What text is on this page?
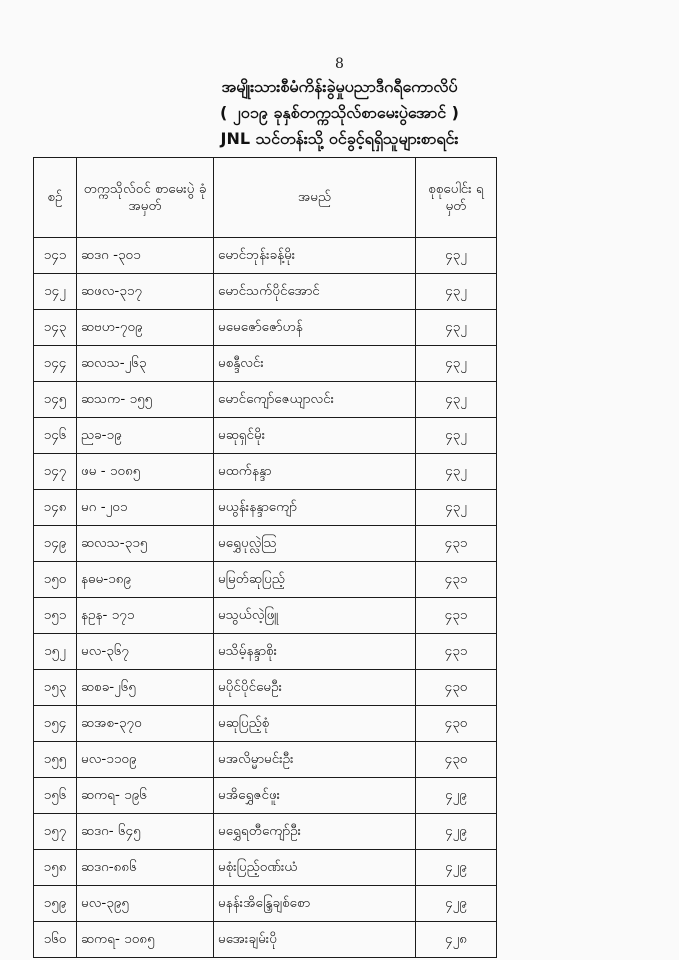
8
အမျိုးသားစီမံကိန်းခွဲမှုပညာဒီဂရီကောလိပ်
( ၂၀၁၉ ခုနှစ်တက္ကသိုလ်စာမေးပွဲအောင် )
JNL သင်တန်းသို့ ဝင်ခွင့်ရရှိသူများစာရင်း
စဉ်	တက္ကသိုလ်ဝင် စာမေးပွဲ ခုံအမှတ်	အမည်	စုစုပေါင်း ရမှတ်
၁၄၁	ဆဒဂ -၃၀၁	မောင်ဘုန်းခန့်မိုး	၄၃၂
၁၄၂	ဆဖလ-၃၁၇	မောင်သက်ပိုင်အောင်	၄၃၂
၁၄၃	ဆဗဟ-၇၀၉	မမေဇော်ဇော်ဟန်	၄၃၂
၁၄၄	ဆလသ-၂၆၃	မစန္ဒီလင်း	၄၃၂
၁၄၅	ဆသက- ၁၅၅	မောင်ကျော်ဇေယျာလင်း	၄၃၂
၁၄၆	ညခ-၁၉	မဆုရှင်မိုး	၄၃၂
၁၄၇	ဖမ - ၁၀၈၅	မထက်နန္ဒာ	၄၃၂
၁၄၈	မဂ -၂၀၁	မယွန်းနန္ဒာကျော်	၄၃၂
၁၄၉	ဆလသ-၃၁၅	မရွှေပုလ္လဲသြ	၄၃၁
၁၅၀	နဓမ-၁၈၉	မမြတ်ဆုပြည့်	၄၃၁
၁၅၁	နဥန- ၁၇၁	မသွယ်လဲ့ဖြူ	၄၃၁
၁၅၂	မလ-၃၆၇	မသိမ့်နန္ဒာစိုး	၄၃၁
၁၅၃	ဆစခ-၂၆၅	မပိုင်ပိုင်မေဦး	၄၃၀
၁၅၄	ဆအစ-၃၇၀	မဆုပြည့်စုံ	၄၃၀
၁၅၅	မလ-၁၁၀၉	မအလိမ္မာမင်းဦး	၄၃၀
၁၅၆	ဆကရ- ၁၉၆	မအိရွှေဇင်ဖူး	၄၂၉
၁၅၇	ဆဒဂ- ၆၄၅	မရွှေရတီကျော်ဦး	၄၂၉
၁၅၈	ဆဒဂ-၈၈၆	မစုံးပြည့်ဝဏ်းယံ	၄၂၉
၁၅၉	မလ-၃၉၅	မနန်းအိန္ဒြေချစ်စော	၄၂၉
၁၆၀	ဆကရ- ၁၀၈၅	မအေးချမ်းပို	၄၂၈
